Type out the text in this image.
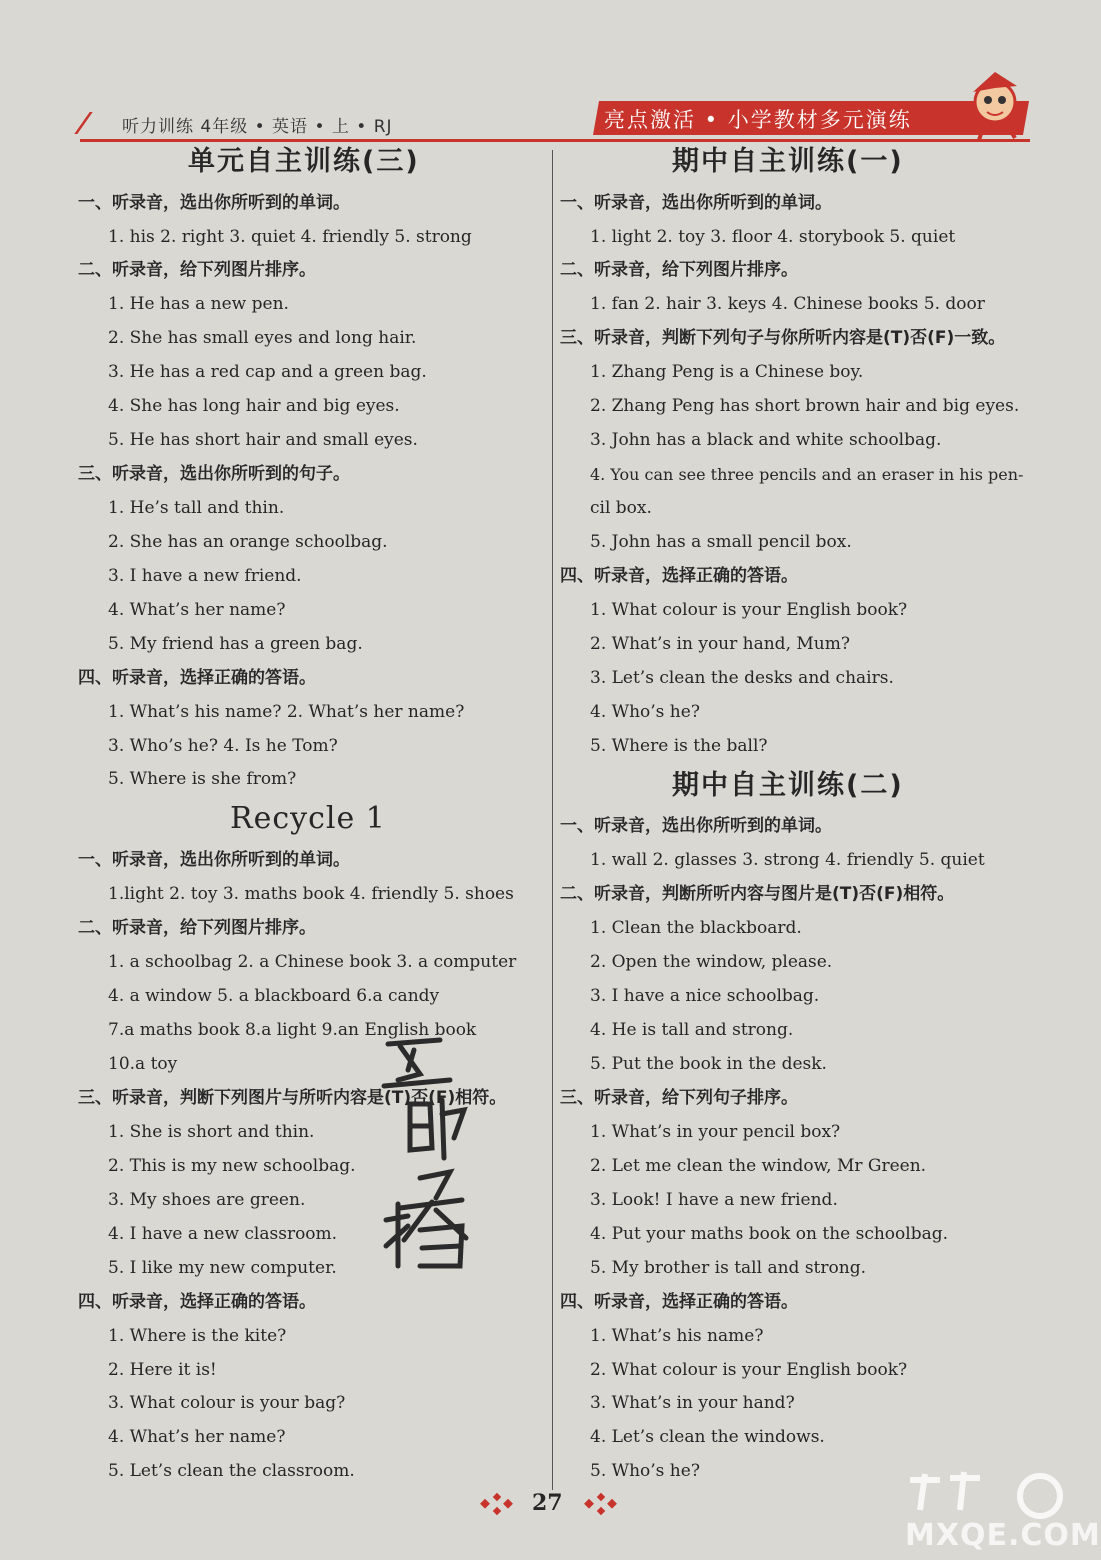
听力训练 4年级 • 英语 • 上 • RJ	亮点激活 • 小学教材多元演练
单元自主训练(三)
一、听录音，选出你所听到的单词。
1. his 2. right 3. quiet 4. friendly 5. strong
二、听录音，给下列图片排序。
1. He has a new pen.
2. She has small eyes and long hair.
3. He has a red cap and a green bag.
4. She has long hair and big eyes.
5. He has short hair and small eyes.
三、听录音，选出你所听到的句子。
1. He’s tall and thin.
2. She has an orange schoolbag.
3. I have a new friend.
4. What’s her name?
5. My friend has a green bag.
四、听录音，选择正确的答语。
1. What’s his name? 2. What’s her name?
3. Who’s he? 4. Is he Tom?
5. Where is she from?
Recycle 1
一、听录音，选出你所听到的单词。
1.light 2. toy 3. maths book 4. friendly 5. shoes
二、听录音，给下列图片排序。
1. a schoolbag 2. a Chinese book 3. a computer
4. a window 5. a blackboard 6.a candy
7.a maths book 8.a light 9.an English book
10.a toy
三、听录音，判断下列图片与所听内容是(T)否(F)相符。
1. She is short and thin.
2. This is my new schoolbag.
3. My shoes are green.
4. I have a new classroom.
5. I like my new computer.
四、听录音，选择正确的答语。
1. Where is the kite?
2. Here it is!
3. What colour is your bag?
4. What’s her name?
5. Let’s clean the classroom.
期中自主训练(一)
一、听录音，选出你所听到的单词。
1. light 2. toy 3. floor 4. storybook 5. quiet
二、听录音，给下列图片排序。
1. fan 2. hair 3. keys 4. Chinese books 5. door
三、听录音，判断下列句子与你所听内容是(T)否(F)一致。
1. Zhang Peng is a Chinese boy.
2. Zhang Peng has short brown hair and big eyes.
3. John has a black and white schoolbag.
4. You can see three pencils and an eraser in his pen-
cil box.
5. John has a small pencil box.
四、听录音，选择正确的答语。
1. What colour is your English book?
2. What’s in your hand, Mum?
3. Let’s clean the desks and chairs.
4. Who’s he?
5. Where is the ball?
期中自主训练(二)
一、听录音，选出你所听到的单词。
1. wall 2. glasses 3. strong 4. friendly 5. quiet
二、听录音，判断所听内容与图片是(T)否(F)相符。
1. Clean the blackboard.
2. Open the window, please.
3. I have a nice schoolbag.
4. He is tall and strong.
5. Put the book in the desk.
三、听录音，给下列句子排序。
1. What’s in your pencil box?
2. Let me clean the window, Mr Green.
3. Look! I have a new friend.
4. Put your maths book on the schoolbag.
5. My brother is tall and strong.
四、听录音，选择正确的答语。
1. What’s his name?
2. What colour is your English book?
3. What’s in your hand?
4. Let’s clean the windows.
5. Who’s he?
27
MXQE.COM
